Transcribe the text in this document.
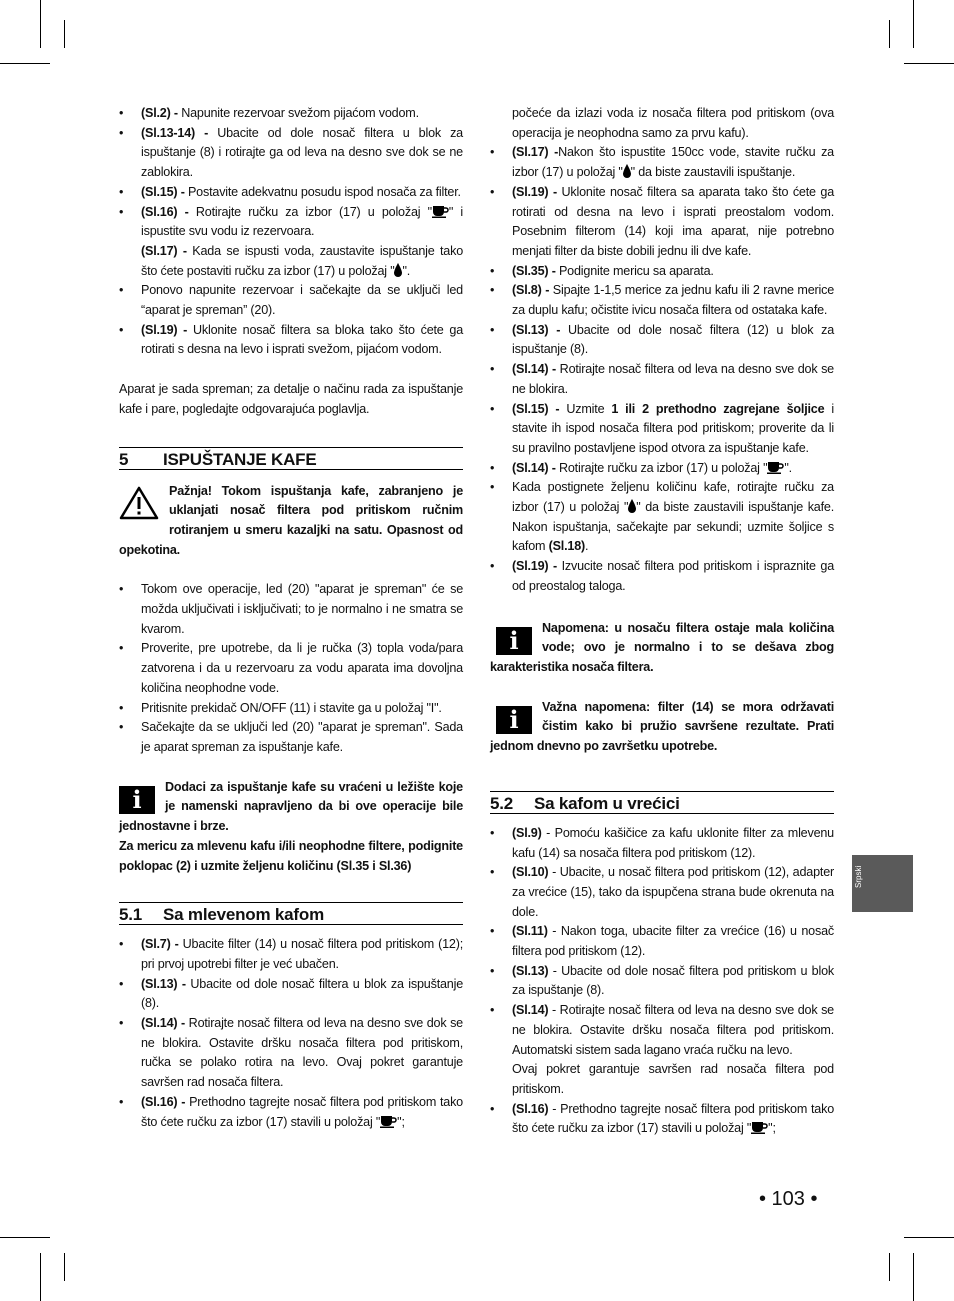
• (Sl.2) - Napunite rezervoar svežom pijaćom vodom.
• (Sl.13-14) - Ubacite od dole nosač filtera u blok za ispuštanje (8) i rotirajte ga od leva na desno sve dok se ne zablokira.
• (Sl.15) - Postavite adekvatnu posudu ispod nosača za filter.
• (Sl.16) - Rotirajte ručku za izbor (17) u položaj " " i ispustite svu vodu iz rezervoara.
(Sl.17) - Kada se ispusti voda, zaustavite ispuštanje tako što ćete postaviti ručku za izbor (17) u položaj " ".
• Ponovo napunite rezervoar i sačekajte da se uključi led “aparat je spreman” (20).
• (Sl.19) - Uklonite nosač filtera sa bloka tako što ćete ga rotirati s desna na levo i isprati svežom, pijaćom vodom.

Aparat je sada spreman; za detalje o načinu rada za ispuštanje kafe i pare, pogledajte odgovarajuća poglavlja.

5	ISPUŠTANJE KAFE
Pažnja! Tokom ispuštanja kafe, zabranjeno je uklanjati nosač filtera pod pritiskom ručnim rotiranjem u smeru kazaljki na satu. Opasnost od opekotina.
• Tokom ove operacije, led (20) "aparat je spreman" će se možda uključivati i isključivati; to je normalno i ne smatra se kvarom.
• Proverite, pre upotrebe, da li je ručka (3) topla voda/para zatvorena i da u rezervoaru za vodu aparata ima dovoljna količina neophodne vode.
• Pritisnite prekidač ON/OFF (11) i stavite ga u položaj "I".
• Sačekajte da se uključi led (20) "aparat je spreman". Sada je aparat spreman za ispuštanje kafe.
i	Dodaci za ispuštanje kafe su vraćeni u ležište koje je namenski napravljeno da bi ove operacije bile jednostavne i brze.
Za mericu za mlevenu kafu i/ili neophodne filtere, podignite poklopac (2) i uzmite željenu količinu (Sl.35 i Sl.36)
5.1	Sa mlevenom kafom
• (Sl.7) - Ubacite filter (14) u nosač filtera pod pritiskom (12); pri prvoj upotrebi filter je već ubačen.
• (Sl.13) - Ubacite od dole nosač filtera u blok za ispuštanje (8).
• (Sl.14) - Rotirajte nosač filtera od leva na desno sve dok se ne blokira. Ostavite dršku nosača filtera pod pritiskom, ručka se polako rotira na levo. Ovaj pokret garantuje savršen rad nosača filtera.
• (Sl.16) - Prethodno tagrejte nosač filtera pod pritiskom tako što ćete ručku za izbor (17) stavili u položaj " ";

počeće da izlazi voda iz nosača filtera pod pritiskom (ova operacija je neophodna samo za prvu kafu).

• (Sl.17) -Nakon što ispustite 150cc vode, stavite ručku za izbor (17) u položaj " " da biste zaustavili ispuštanje.
• (Sl.19) - Uklonite nosač filtera sa aparata tako što ćete ga rotirati od desna na levo i isprati preostalom vodom. Posebnim filterom (14) koji ima aparat, nije potrebno menjati filter da biste dobili jednu ili dve kafe.
• (Sl.35) - Podignite mericu sa aparata.
• (Sl.8) - Sipajte 1-1,5 merice za jednu kafu ili 2 ravne merice za duplu kafu; očistite ivicu nosača filtera od ostataka kafe.
• (Sl.13) - Ubacite od dole nosač filtera (12) u blok za ispuštanje (8).
• (Sl.14) - Rotirajte nosač filtera od leva na desno sve dok se ne blokira.
• (Sl.15) - Uzmite 1 ili 2 prethodno zagrejane šoljice i stavite ih ispod nosača filtera pod pritiskom; proverite da li su pravilno postavljene ispod otvora za ispuštanje kafe.
• (Sl.14) - Rotirajte ručku za izbor (17) u položaj " ".
• Kada postignete željenu količinu kafe, rotirajte ručku za izbor (17) u položaj " " da biste zaustavili ispuštanje kafe. Nakon ispuštanja, sačekajte par sekundi; uzmite šoljice s kafom (Sl.18).
• (Sl.19) - Izvucite nosač filtera pod pritiskom i ispraznite ga od preostalog taloga.
i	Napomena: u nosaču filtera ostaje mala količina vode; ovo je normalno i to se dešava zbog karakteristika nosača filtera.
i	Važna napomena: filter (14) se mora održavati čistim kako bi pružio savršene rezultate. Prati jednom dnevno po završetku upotrebe.
5.2	Sa kafom u vrećici
• (Sl.9) - Pomoću kašičice za kafu uklonite filter za mlevenu kafu (14) sa nosača filtera pod pritiskom (12).
• (Sl.10) - Ubacite, u nosač filtera pod pritiskom (12), adapter za vrećice (15), tako da ispupčena strana bude okrenuta na dole.
• (Sl.11) - Nakon toga, ubacite filter za vrećice (16) u nosač filtera pod pritiskom (12).
• (Sl.13) - Ubacite od dole nosač filtera pod pritiskom u blok za ispuštanje (8).
• (Sl.14) - Rotirajte nosač filtera od leva na desno sve dok se ne blokira. Ostavite dršku nosača filtera pod pritiskom. Automatski sistem sada lagano vraća ručku na levo.
Ovaj pokret garantuje savršen rad nosača filtera pod pritiskom.
• (Sl.16) - Prethodno tagrejte nosač filtera pod pritiskom tako što ćete ručku za izbor (17) stavili u položaj " ";
Srpski
• 103 •
